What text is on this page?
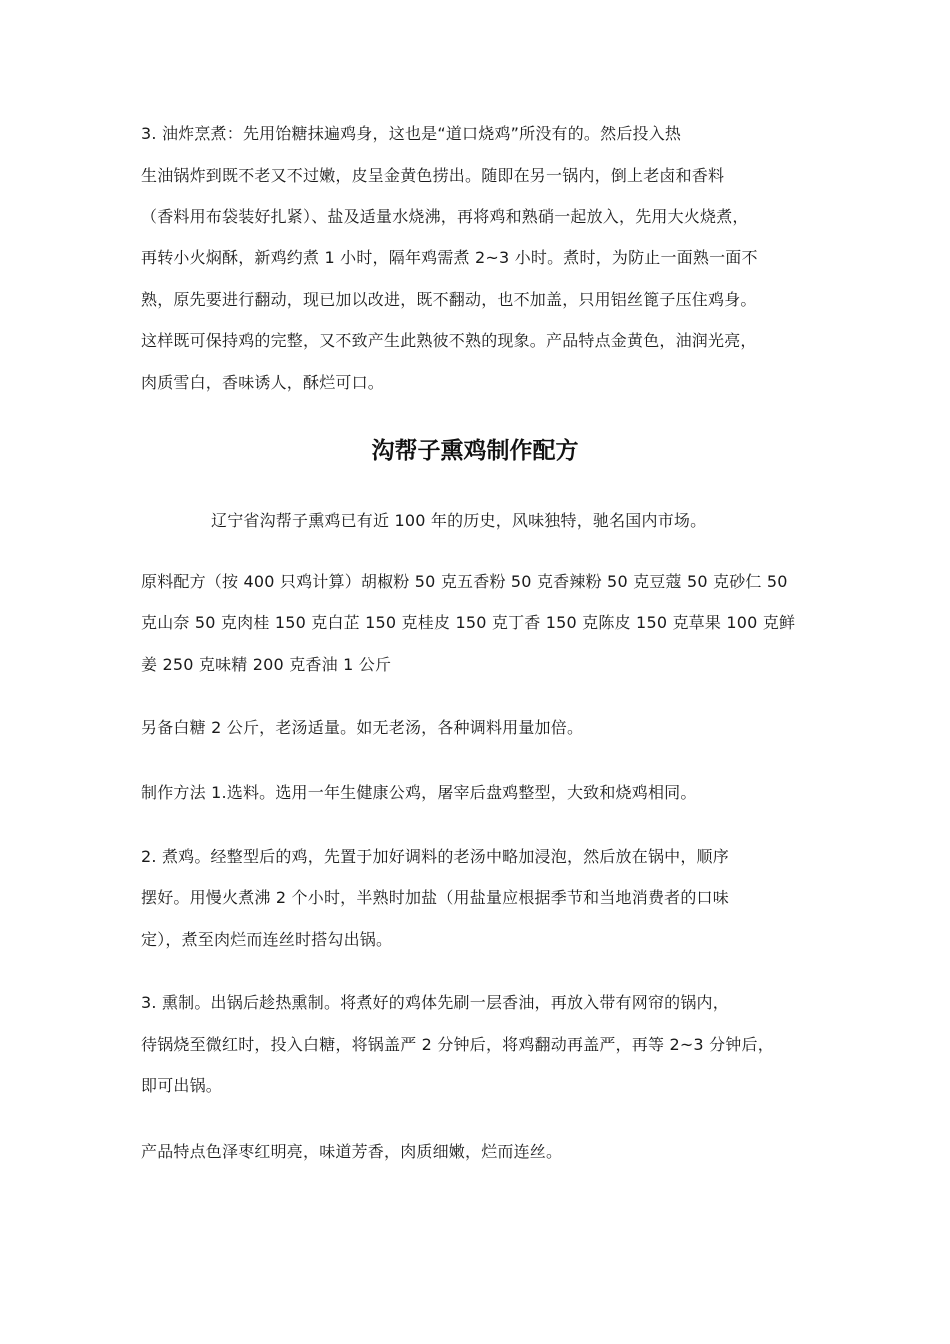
3. 油炸烹煮：先用饴糖抹遍鸡身，这也是“道口烧鸡”所没有的。然后投入热
生油锅炸到既不老又不过嫩，皮呈金黄色捞出。随即在另一锅内，倒上老卤和香料
（香料用布袋装好扎紧）、盐及适量水烧沸，再将鸡和熟硝一起放入，先用大火烧煮，
再转小火焖酥，新鸡约煮 1 小时，隔年鸡需煮 2~3 小时。煮时，为防止一面熟一面不
熟，原先要进行翻动，现已加以改进，既不翻动，也不加盖，只用铝丝篦子压住鸡身。
这样既可保持鸡的完整，又不致产生此熟彼不熟的现象。产品特点金黄色，油润光亮，
肉质雪白，香味诱人，酥烂可口。
沟帮子熏鸡制作配方
辽宁省沟帮子熏鸡已有近 100 年的历史，风味独特，驰名国内市场。
原料配方（按 400 只鸡计算）胡椒粉 50 克五香粉 50 克香辣粉 50 克豆蔻 50 克砂仁 50
克山奈 50 克肉桂 150 克白芷 150 克桂皮 150 克丁香 150 克陈皮 150 克草果 100 克鲜
姜 250 克味精 200 克香油 1 公斤
另备白糖 2 公斤，老汤适量。如无老汤，各种调料用量加倍。
制作方法 1.选料。选用一年生健康公鸡，屠宰后盘鸡整型，大致和烧鸡相同。
2. 煮鸡。经整型后的鸡，先置于加好调料的老汤中略加浸泡，然后放在锅中，顺序
摆好。用慢火煮沸 2 个小时，半熟时加盐（用盐量应根据季节和当地消费者的口味
定），煮至肉烂而连丝时搭勾出锅。
3. 熏制。出锅后趁热熏制。将煮好的鸡体先刷一层香油，再放入带有网帘的锅内，
待锅烧至微红时，投入白糖，将锅盖严 2 分钟后，将鸡翻动再盖严，再等 2~3 分钟后，
即可出锅。
产品特点色泽枣红明亮，味道芳香，肉质细嫩，烂而连丝。
